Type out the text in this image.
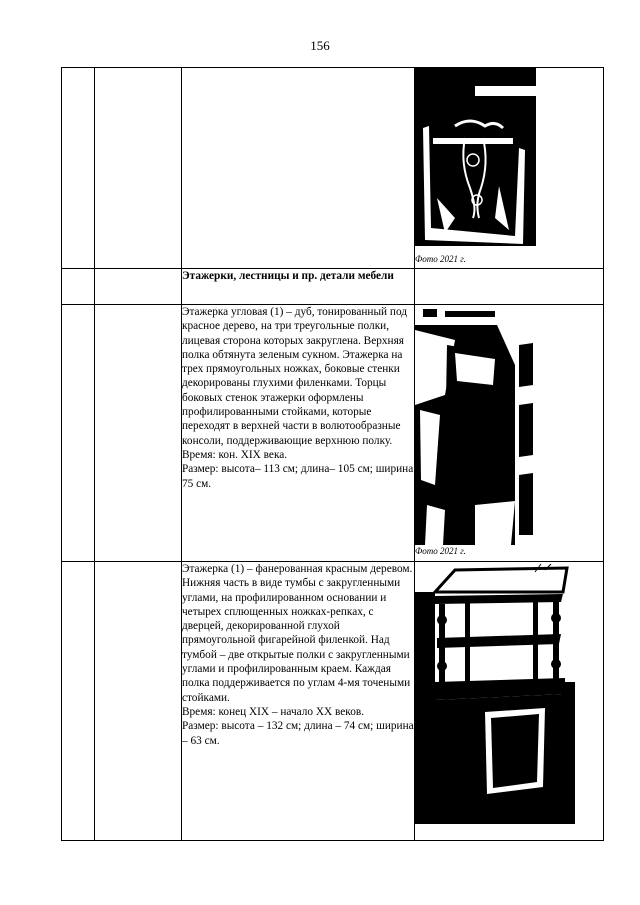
156

			Фото 2021 г.

		Этажерки, лестницы и пр. детали мебели	

		Этажерка угловая (1) – дуб, тонированный под красное дерево, на три треугольные полки, лицевая сторона которых закруглена. Верхняя полка обтянута зеленым сукном. Этажерка на трех прямоугольных ножках, боковые стенки декорированы глухими филенками. Торцы боковых стенок этажерки оформлены профилированными стойками, которые переходят в верхней части в волютообразные консоли, поддерживающие верхнюю полку.

Время: кон. XIX века.

Размер: высота– 113 см; длина– 105 см; ширина 75 см.	Фото 2021 г.

		Этажерка (1) – фанерованная красным деревом. Нижняя часть в виде тумбы с закругленными углами, на профилированном основании и четырех сплющенных ножках-репках, с дверцей, декорированной глухой прямоугольной фигарейной филенкой. Над тумбой – две открытые полки с закругленными углами и профилированным краем. Каждая полка поддерживается по углам 4-мя точеными стойками.

Время: конец XIX – начало XX веков.

Размер: высота – 132 см; длина – 74 см; ширина – 63 см.
